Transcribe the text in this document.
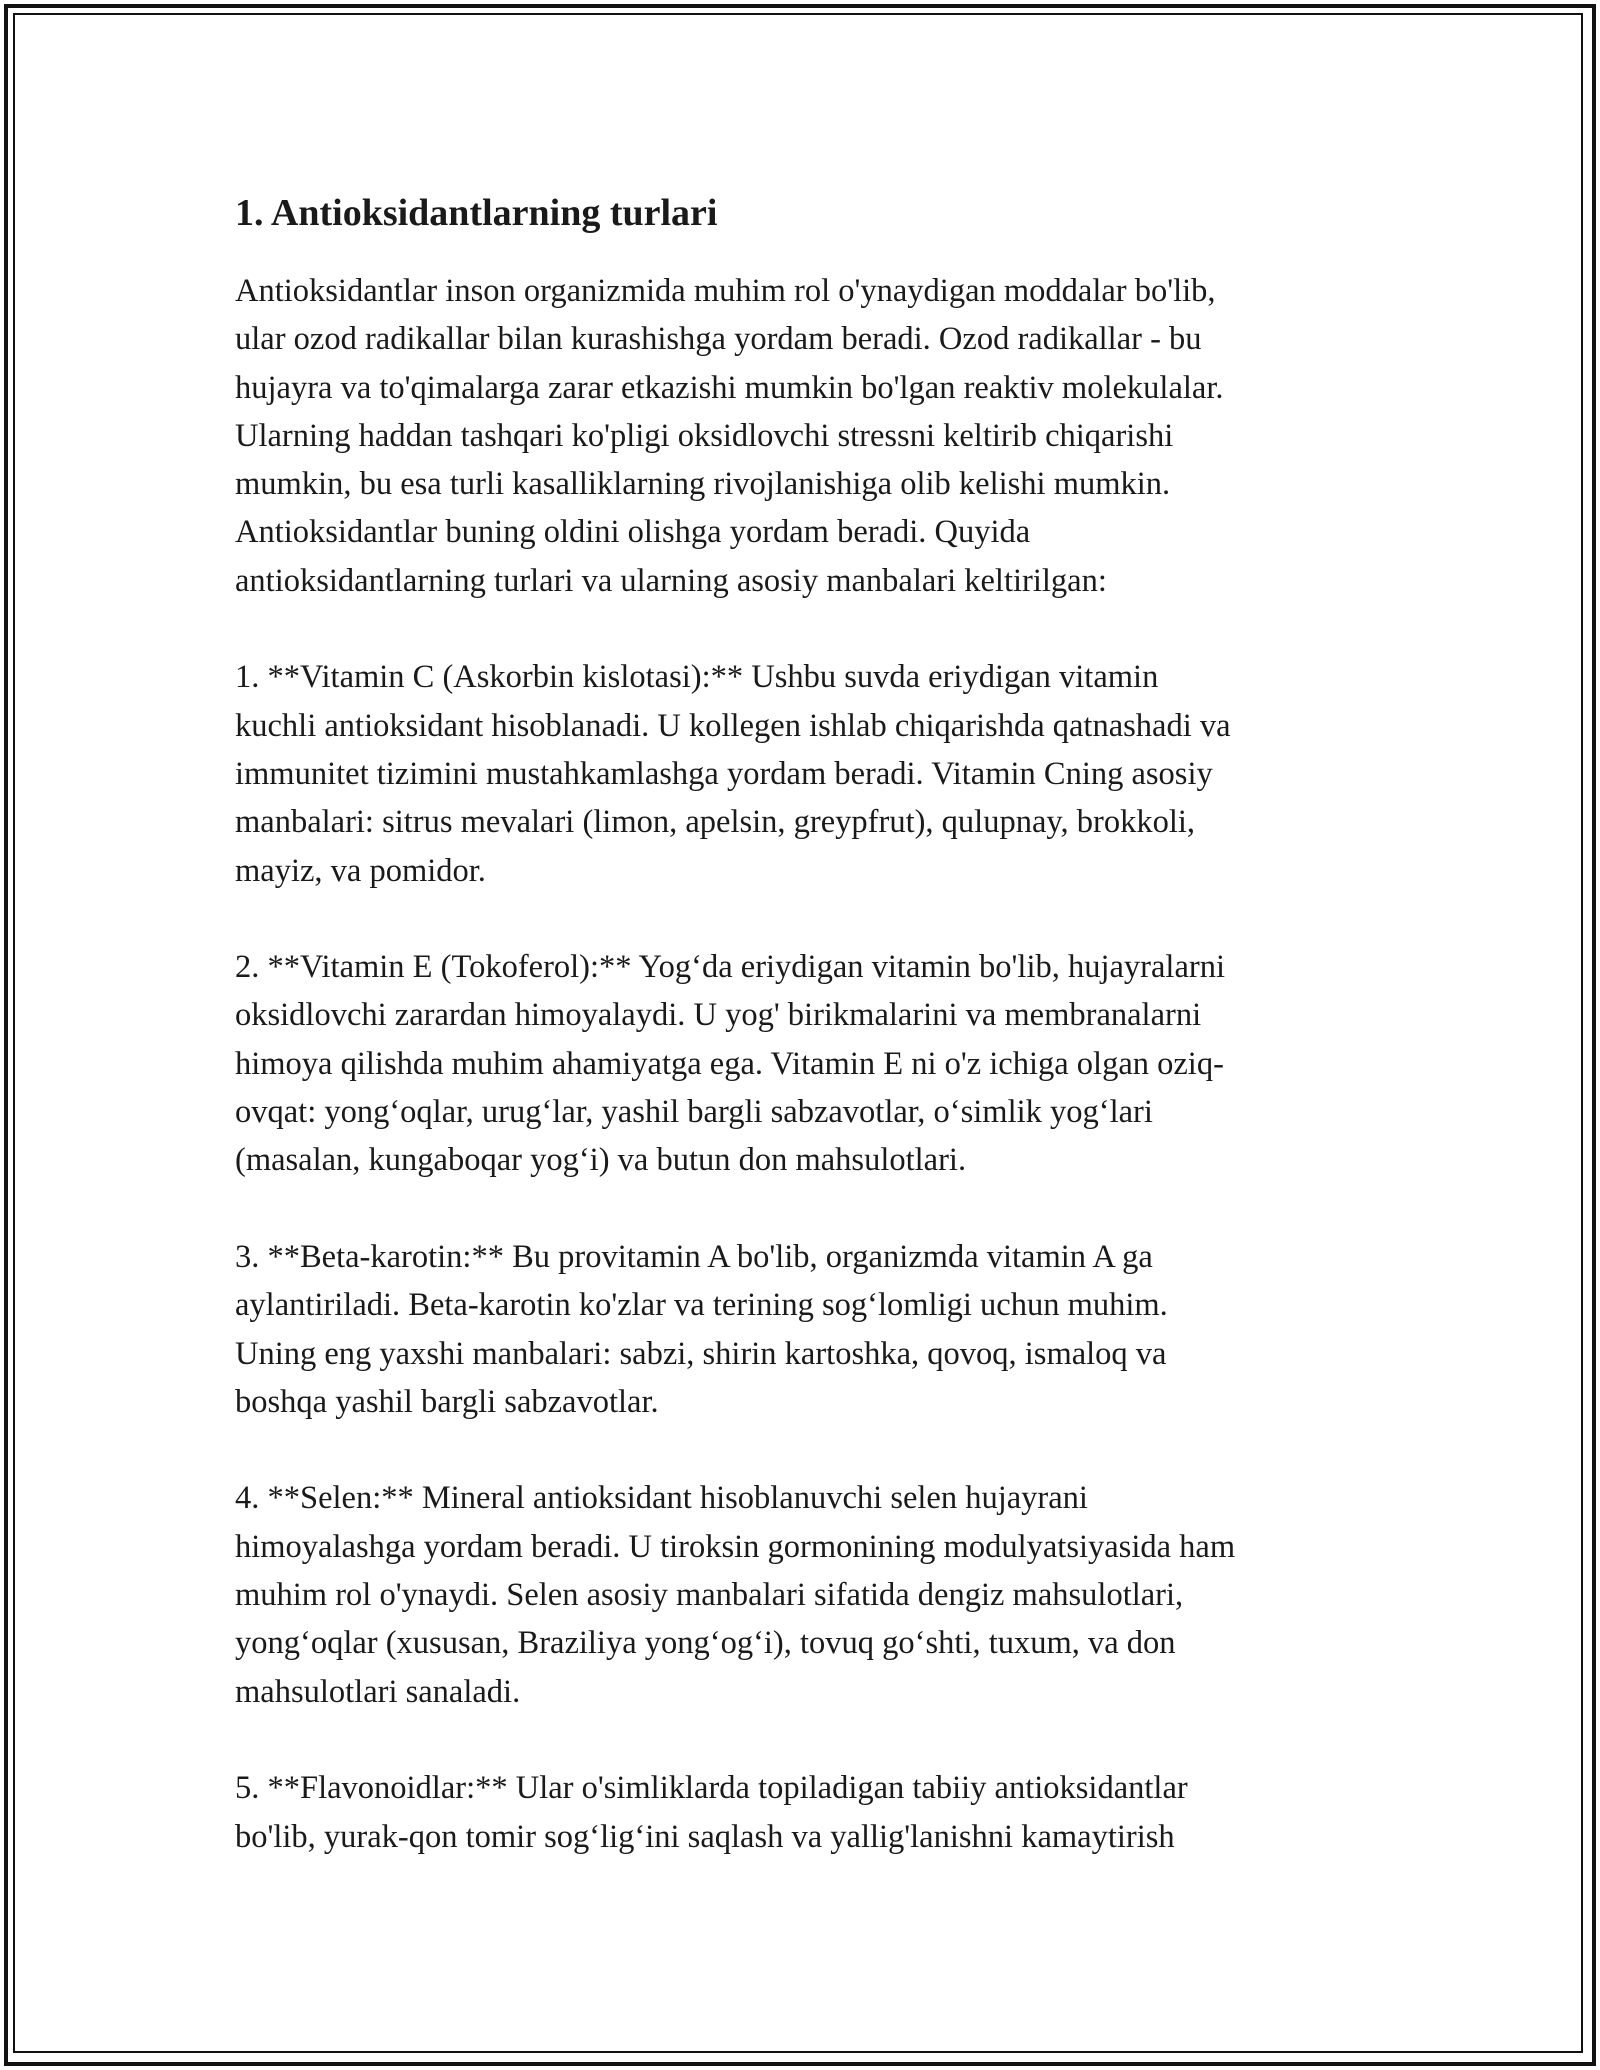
1. Antioksidantlarning turlari

Antioksidantlar inson organizmida muhim rol o'ynaydigan moddalar bo'lib,
ular ozod radikallar bilan kurashishga yordam beradi. Ozod radikallar - bu
hujayra va to'qimalarga zarar etkazishi mumkin bo'lgan reaktiv molekulalar.
Ularning haddan tashqari ko'pligi oksidlovchi stressni keltirib chiqarishi
mumkin, bu esa turli kasalliklarning rivojlanishiga olib kelishi mumkin.
Antioksidantlar buning oldini olishga yordam beradi. Quyida
antioksidantlarning turlari va ularning asosiy manbalari keltirilgan:

1. **Vitamin C (Askorbin kislotasi):** Ushbu suvda eriydigan vitamin
kuchli antioksidant hisoblanadi. U kollegen ishlab chiqarishda qatnashadi va
immunitet tizimini mustahkamlashga yordam beradi. Vitamin Cning asosiy
manbalari: sitrus mevalari (limon, apelsin, greypfrut), qulupnay, brokkoli,
mayiz, va pomidor.

2. **Vitamin E (Tokoferol):** Yog‘da eriydigan vitamin bo'lib, hujayralarni
oksidlovchi zarardan himoyalaydi. U yog' birikmalarini va membranalarni
himoya qilishda muhim ahamiyatga ega. Vitamin E ni o'z ichiga olgan oziq-
ovqat: yong‘oqlar, urug‘lar, yashil bargli sabzavotlar, o‘simlik yog‘lari
(masalan, kungaboqar yog‘i) va butun don mahsulotlari.

3. **Beta-karotin:** Bu provitamin A bo'lib, organizmda vitamin A ga
aylantiriladi. Beta-karotin ko'zlar va terining sog‘lomligi uchun muhim.
Uning eng yaxshi manbalari: sabzi, shirin kartoshka, qovoq, ismaloq va
boshqa yashil bargli sabzavotlar.

4. **Selen:** Mineral antioksidant hisoblanuvchi selen hujayrani
himoyalashga yordam beradi. U tiroksin gormonining modulyatsiyasida ham
muhim rol o'ynaydi. Selen asosiy manbalari sifatida dengiz mahsulotlari,
yong‘oqlar (xususan, Braziliya yong‘og‘i), tovuq go‘shti, tuxum, va don
mahsulotlari sanaladi.

5. **Flavonoidlar:** Ular o'simliklarda topiladigan tabiiy antioksidantlar
bo'lib, yurak-qon tomir sog‘lig‘ini saqlash va yallig'lanishni kamaytirish
